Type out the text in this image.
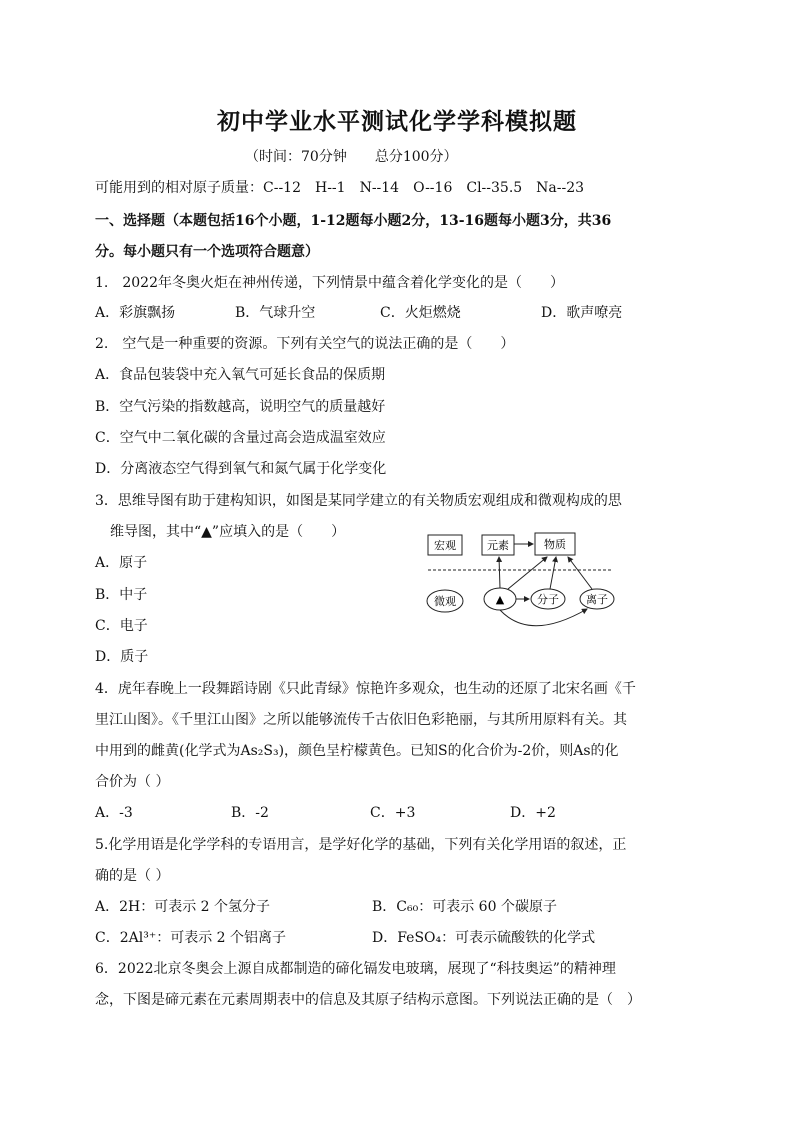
初中学业水平测试化学学科模拟题
（时间：70分钟　　总分100分）
可能用到的相对原子质量：C--12　H--1　N--14　O--16　Cl--35.5　Na--23
一、选择题（本题包括16个小题，1-12题每小题2分，13-16题每小题3分，共36
分。每小题只有一个选项符合题意）
1.　2022年冬奥火炬在神州传递，下列情景中蕴含着化学变化的是（　　）
A．彩旗飘扬	B．气球升空	C．火炬燃烧	D．歌声嘹亮
2.　空气是一种重要的资源。下列有关空气的说法正确的是（　　）
A．食品包装袋中充入氧气可延长食品的保质期
B．空气污染的指数越高，说明空气的质量越好
C．空气中二氧化碳的含量过高会造成温室效应
D．分离液态空气得到氧气和氮气属于化学变化
3．思维导图有助于建构知识，如图是某同学建立的有关物质宏观组成和微观构成的思
维导图，其中“▲”应填入的是（　　）
A．原子
B．中子
C．电子
D．质子
宏观	元素	物质
微观	▲	分子 离子
4．虎年春晚上一段舞蹈诗剧《只此青绿》惊艳许多观众，也生动的还原了北宋名画《千
里江山图》。《千里江山图》之所以能够流传千古依旧色彩艳丽，与其所用原料有关。其
中用到的雌黄(化学式为As₂S₃)，颜色呈柠檬黄色。已知S的化合价为-2价，则As的化
合价为（ ）
A．-3	B．-2	C．+3	D．+2
5.化学用语是化学学科的专语用言，是学好化学的基础，下列有关化学用语的叙述，正
确的是（ ）
A．2H：可表示 2 个氢分子	B．C₆₀：可表示 60 个碳原子
C．2Al³⁺：可表示 2 个铝离子	D．FeSO₄：可表示硫酸铁的化学式
6．2022北京冬奥会上源自成都制造的碲化镉发电玻璃，展现了“科技奥运”的精神理
念，下图是碲元素在元素周期表中的信息及其原子结构示意图。下列说法正确的是（　）
